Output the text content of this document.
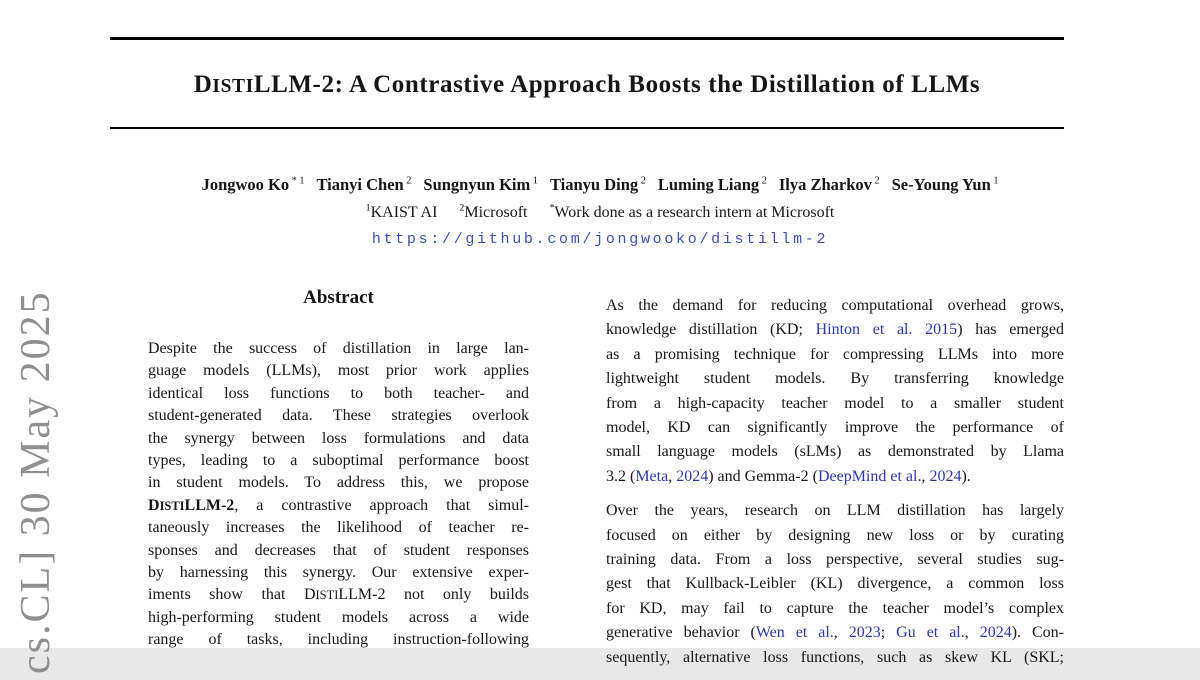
cs.CL] 30 May 2025
DISTILLM-2: A Contrastive Approach Boosts the Distillation of LLMs
Jongwoo Ko $^{* 1}$ Tianyi Chen $^2$ Sungnyun Kim $^1$ Tianyu Ding $^2$ Luming Liang $^2$ Ilya Zharkov $^2$ Se-Young Yun $^1$
$^1$KAIST AI $^2$Microsoft *Work done as a research intern at Microsoft
https://github.com/jongwooko/distillm-2
Abstract
Despite the success of distillation in large lan-
guage models (LLMs), most prior work applies
identical loss functions to both teacher- and
student-generated data. These strategies overlook
the synergy between loss formulations and data
types, leading to a suboptimal performance boost
in student models. To address this, we propose
DISTILLM-2, a contrastive approach that simul-
taneously increases the likelihood of teacher re-
sponses and decreases that of student responses
by harnessing this synergy. Our extensive exper-
iments show that DISTILLM-2 not only builds
high-performing student models across a wide
range of tasks, including instruction-following
As the demand for reducing computational overhead grows,
knowledge distillation (KD; Hinton et al. 2015) has emerged
as a promising technique for compressing LLMs into more
lightweight student models. By transferring knowledge
from a high-capacity teacher model to a smaller student
model, KD can significantly improve the performance of
small language models (sLMs) as demonstrated by Llama
3.2 (Meta, 2024) and Gemma-2 (DeepMind et al., 2024).
Over the years, research on LLM distillation has largely
focused on either by designing new loss or by curating
training data. From a loss perspective, several studies sug-
gest that Kullback-Leibler (KL) divergence, a common loss
for KD, may fail to capture the teacher model’s complex
generative behavior (Wen et al., 2023; Gu et al., 2024). Con-
sequently, alternative loss functions, such as skew KL (SKL;
